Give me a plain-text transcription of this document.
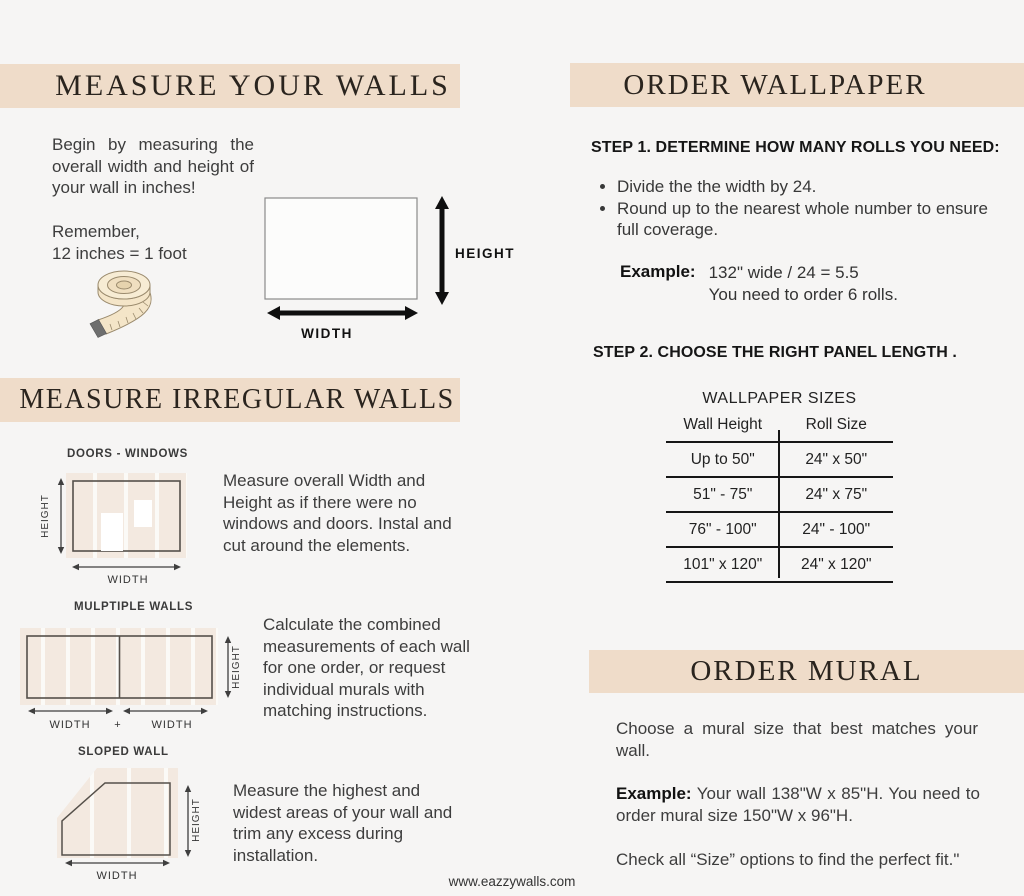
MEASURE YOUR WALLS
MEASURE IRREGULAR WALLS
ORDER WALLPAPER
ORDER MURAL
Begin by measuring the overall width and height of your wall in inches!
Remember,
12 inches = 1 foot	HEIGHT
WIDTH
DOORS - WINDOWS
HEIGHT
WIDTH
Measure overall Width and Height as if there were no windows and doors. Instal and cut around the elements.
MULPTIPLE WALLS
HEIGHT
WIDTH +	WIDTH
Calculate the combined measurements of each wall for one order, or request individual murals with matching instructions.
SLOPED WALL
HEIGHT
WIDTH
Measure the highest and widest areas of your wall and trim any excess during installation.
STEP 1. DETERMINE HOW MANY ROLLS YOU NEED:
• Divide the the width by 24.
• Round up to the nearest whole number to ensure full coverage.
Example: 132" wide / 24 = 5.5
You need to order 6 rolls.
STEP 2. CHOOSE THE RIGHT PANEL LENGTH .
WALLPAPER SIZES
Wall Height	Roll Size
Up to 50"	24" x 50"
51" - 75"	24" x 75"
76" - 100"	24" - 100"
101" x 120"	24" x 120"
Choose a mural size that best matches your wall.
Example: Your wall 138"W x 85"H. You need to order mural size 150"W x 96"H.
Check all “Size” options to find the perfect fit."
www.eazzywalls.com
